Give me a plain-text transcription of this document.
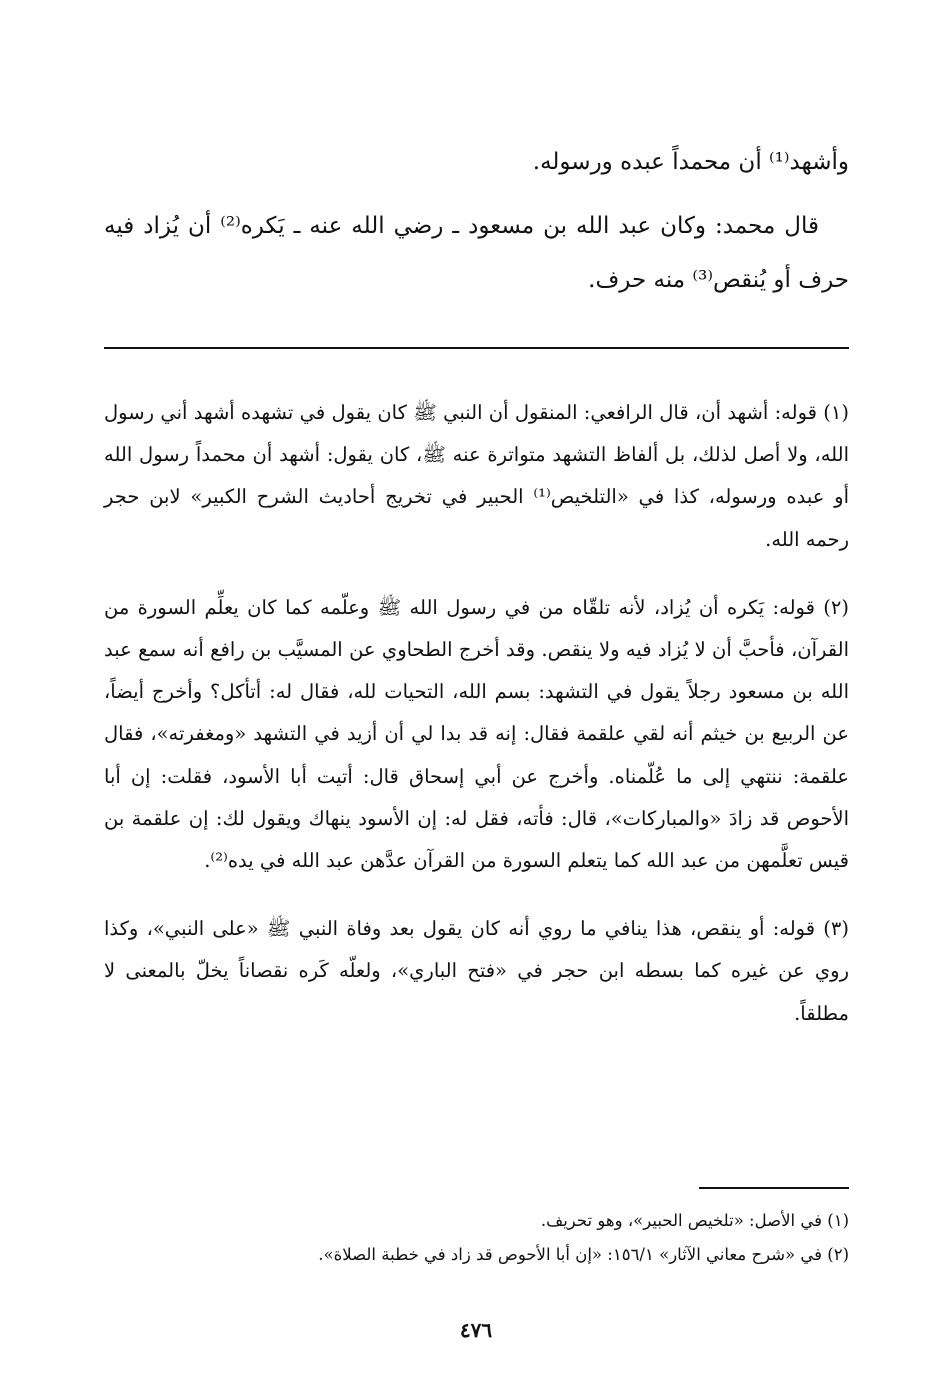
وأشهد⁽¹⁾ أن محمداً عبده ورسوله.

قال محمد: وكان عبد الله بن مسعود ـ رضي الله عنه ـ يَكره⁽²⁾ أن يُزاد فيه حرف أو يُنقص⁽³⁾ منه حرف.

(١) قوله: أشهد أن، قال الرافعي: المنقول أن النبي ﷺ كان يقول في تشهده أشهد أني رسول الله، ولا أصل لذلك، بل ألفاظ التشهد متواترة عنه ﷺ، كان يقول: أشهد أن محمداً رسول الله أو عبده ورسوله، كذا في «التلخيص⁽¹⁾ الحبير في تخريج أحاديث الشرح الكبير» لابن حجر رحمه الله.

(٢) قوله: يَكره أن يُزاد، لأنه تلقّاه من في رسول الله ﷺ وعلّمه كما كان يعلِّم السورة من القرآن، فأحبَّ أن لا يُزاد فيه ولا ينقص. وقد أخرج الطحاوي عن المسيَّب بن رافع أنه سمع عبد الله بن مسعود رجلاً يقول في التشهد: بسم الله، التحيات لله، فقال له: أتأكل؟ وأخرج أيضاً، عن الربيع بن خيثم أنه لقي علقمة فقال: إنه قد بدا لي أن أزيد في التشهد «ومغفرته»، فقال علقمة: ننتهي إلى ما عُلّمناه. وأخرج عن أبي إسحاق قال: أتيت أبا الأسود، فقلت: إن أبا الأحوص قد زادَ «والمباركات»، قال: فأته، فقل له: إن الأسود ينهاك ويقول لك: إن علقمة بن قيس تعلَّمهن من عبد الله كما يتعلم السورة من القرآن عدَّهن عبد الله في يده⁽²⁾.

(٣) قوله: أو ينقص، هذا ينافي ما روي أنه كان يقول بعد وفاة النبي ﷺ «على النبي»، وكذا روي عن غيره كما بسطه ابن حجر في «فتح الباري»، ولعلّه كَره نقصاناً يخلّ بالمعنى لا مطلقاً.

(١) في الأصل: «تلخيص الحبير»، وهو تحريف.

(٢) في «شرح معاني الآثار» ١٥٦/١: «إن أبا الأحوص قد زاد في خطبة الصلاة».

٤٧٦
